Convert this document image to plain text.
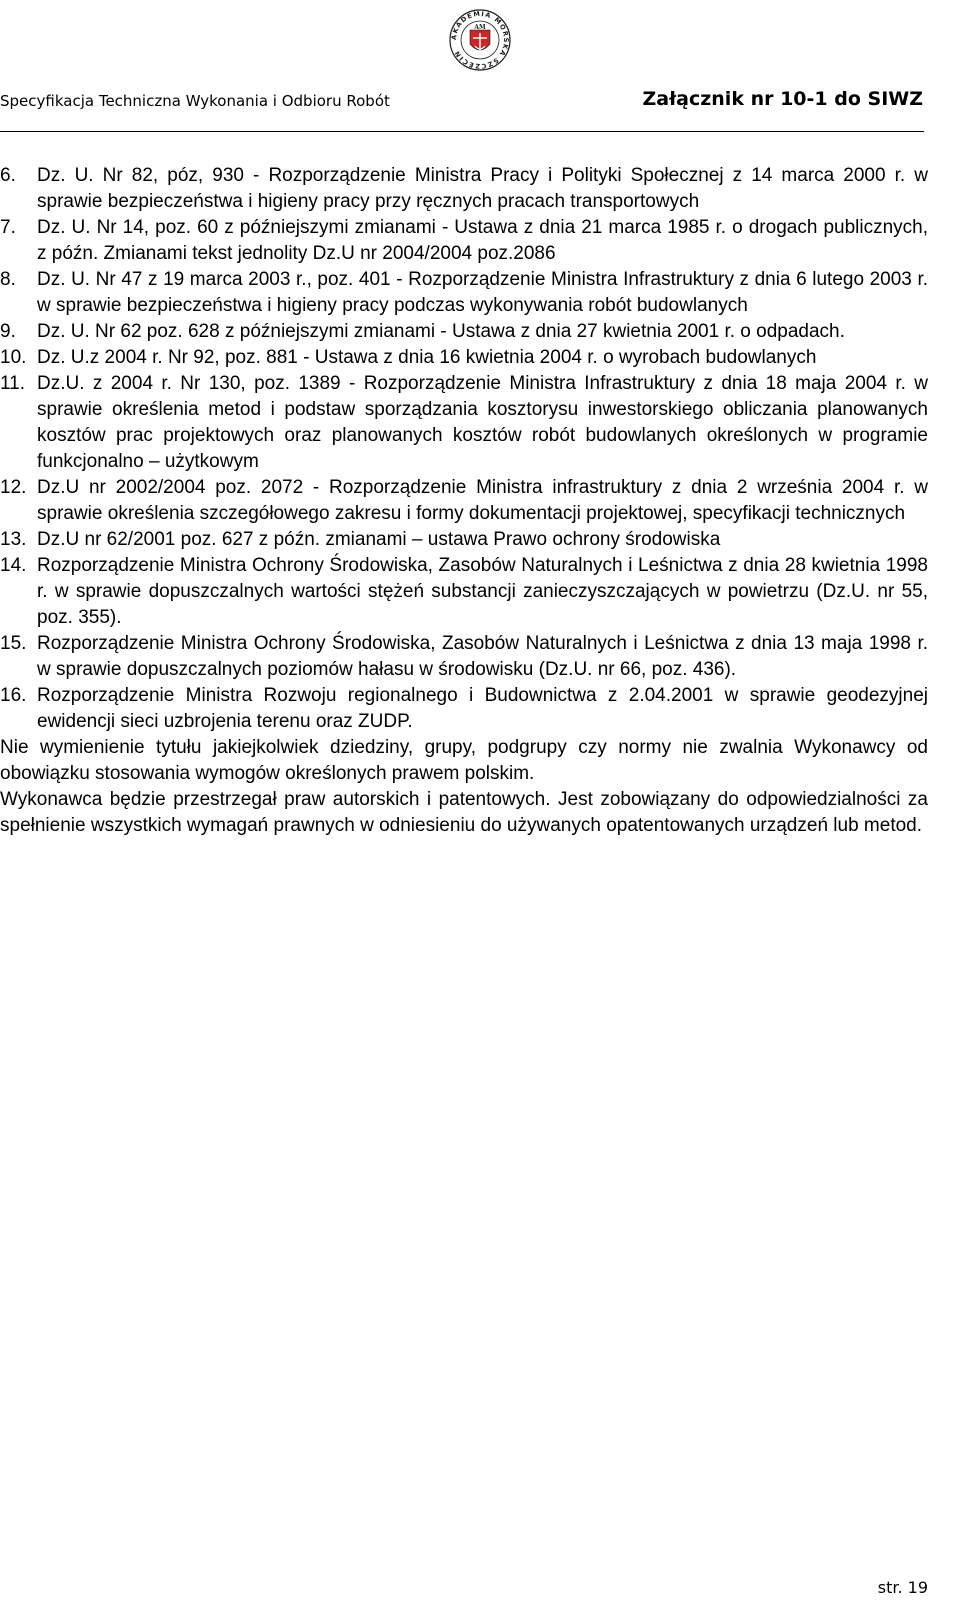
AKADEMIA MORSKA SZCZECIN
AM
Specyfikacja Techniczna Wykonania i Odbioru Robót	Załącznik nr 10-1 do SIWZ
6. Dz. U. Nr 82, póz, 930 - Rozporządzenie Ministra Pracy i Polityki Społecznej z 14 marca 2000 r. w sprawie bezpieczeństwa i higieny pracy przy ręcznych pracach transportowych
7. Dz. U. Nr 14, poz. 60 z późniejszymi zmianami - Ustawa z dnia 21 marca 1985 r. o drogach publicznych, z późn. Zmianami tekst jednolity Dz.U nr 2004/2004 poz.2086
8. Dz. U. Nr 47 z 19 marca 2003 r., poz. 401 - Rozporządzenie Ministra Infrastruktury z dnia 6 lutego 2003 r. w sprawie bezpieczeństwa i higieny pracy podczas wykonywania robót budowlanych
9. Dz. U. Nr 62 poz. 628 z późniejszymi zmianami - Ustawa z dnia 27 kwietnia 2001 r. o odpadach.
10. Dz. U.z 2004 r. Nr 92, poz. 881 - Ustawa z dnia 16 kwietnia 2004 r. o wyrobach budowlanych
11. Dz.U. z 2004 r. Nr 130, poz. 1389 - Rozporządzenie Ministra Infrastruktury z dnia 18 maja 2004 r. w sprawie określenia metod i podstaw sporządzania kosztorysu inwestorskiego obliczania planowanych kosztów prac projektowych oraz planowanych kosztów robót budowlanych określonych w programie funkcjonalno – użytkowym
12. Dz.U nr 2002/2004 poz. 2072 - Rozporządzenie Ministra infrastruktury z dnia 2 września 2004 r. w sprawie określenia szczegółowego zakresu i formy dokumentacji projektowej, specyfikacji technicznych
13. Dz.U nr 62/2001 poz. 627 z późn. zmianami – ustawa Prawo ochrony środowiska
14. Rozporządzenie Ministra Ochrony Środowiska, Zasobów Naturalnych i Leśnictwa z dnia 28 kwietnia 1998 r. w sprawie dopuszczalnych wartości stężeń substancji zanieczyszczających w powietrzu (Dz.U. nr 55, poz. 355).
15. Rozporządzenie Ministra Ochrony Środowiska, Zasobów Naturalnych i Leśnictwa z dnia 13 maja 1998 r. w sprawie dopuszczalnych poziomów hałasu w środowisku (Dz.U. nr 66, poz. 436).
16. Rozporządzenie Ministra Rozwoju regionalnego i Budownictwa z 2.04.2001 w sprawie geodezyjnej ewidencji sieci uzbrojenia terenu oraz ZUDP.

Nie wymienienie tytułu jakiejkolwiek dziedziny, grupy, podgrupy czy normy nie zwalnia Wykonawcy od obowiązku stosowania wymogów określonych prawem polskim.

Wykonawca będzie przestrzegał praw autorskich i patentowych. Jest zobowiązany do odpowiedzialności za spełnienie wszystkich wymagań prawnych w odniesieniu do używanych opatentowanych urządzeń lub metod.

str. 19
